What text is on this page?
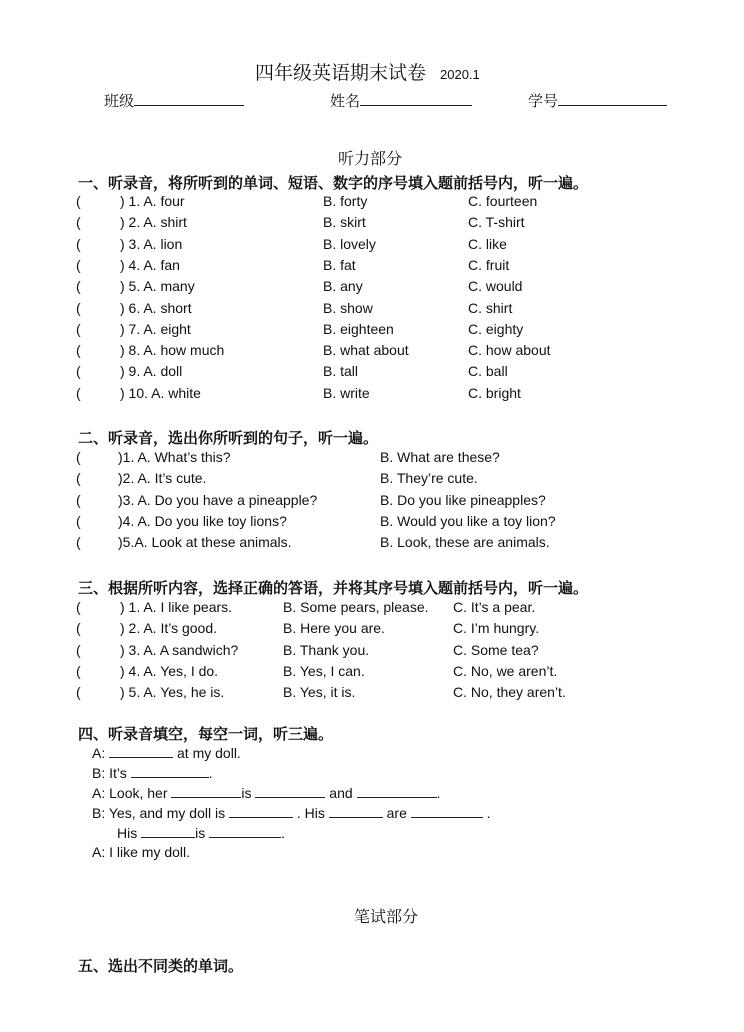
四年级英语期末试卷 2020.1
班级	姓名	学号
听力部分
一、听录音，将所听到的单词、短语、数字的序号填入题前括号内，听一遍。
(	) 1. A. four	B. forty	C. fourteen
(	) 2. A. shirt	B. skirt	C. T-shirt
(	) 3. A. lion	B. lovely	C. like
(	) 4. A. fan	B. fat	C. fruit
(	) 5. A. many	B. any	C. would
(	) 6. A. short	B. show	C. shirt
(	) 7. A. eight	B. eighteen	C. eighty
(	) 8. A. how much	B. what about	C. how about
(	) 9. A. doll	B. tall	C. ball
(	) 10. A. white	B. write	C. bright
二、听录音，选出你所听到的句子，听一遍。
(	)1. A. What’s this?	B. What are these?
(	)2. A. It’s cute.	B. They’re cute.
(	)3. A. Do you have a pineapple?	B. Do you like pineapples?
(	)4. A. Do you like toy lions?	B. Would you like a toy lion?
(	)5.A. Look at these animals.	B. Look, these are animals.
三、根据所听内容，选择正确的答语，并将其序号填入题前括号内，听一遍。
(	) 1. A. I like pears.	B. Some pears, please. C. It’s a pear.
(	) 2. A. It’s good.	B. Here you are.	C. I’m hungry.
(	) 3. A. A sandwich?	B. Thank you.	C. Some tea?
(	) 4. A. Yes, I do.	B. Yes, I can.	C. No, we aren’t.
(	) 5. A. Yes, he is.	B. Yes, it is.	C. No, they aren’t.
四、听录音填空，每空一词，听三遍。
A:	at my doll.
B: It’s	.
A: Look, her	is	and	.
B: Yes, and my doll is	. His	are	.
His	is	.
A: I like my doll.
笔试部分
五、选出不同类的单词。
